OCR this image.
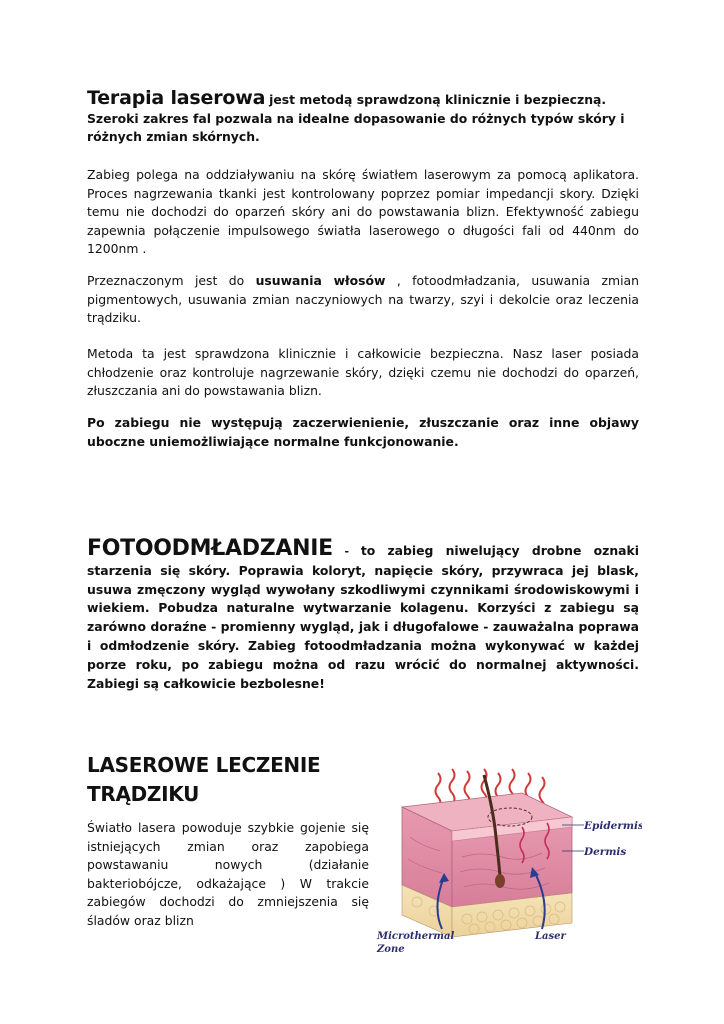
Terapia laserowa jest metodą sprawdzoną klinicznie i bezpieczną.

Szeroki zakres fal pozwala na idealne dopasowanie do różnych typów skóry i różnych zmian skórnych.

Zabieg polega na oddziaływaniu na skórę światłem laserowym za pomocą aplikatora. Proces nagrzewania tkanki jest kontrolowany poprzez pomiar impedancji skory. Dzięki temu nie dochodzi do oparzeń skóry ani do powstawania blizn. Efektywność zabiegu zapewnia połączenie impulsowego światła laserowego o długości fali od 440nm do 1200nm .

Przeznaczonym jest do usuwania włosów , fotoodmładzania, usuwania zmian pigmentowych, usuwania zmian naczyniowych na twarzy, szyi i dekolcie oraz leczenia trądziku.

Metoda ta jest sprawdzona klinicznie i całkowicie bezpieczna. Nasz laser posiada chłodzenie oraz kontroluje nagrzewanie skóry, dzięki czemu nie dochodzi do oparzeń, złuszczania ani do powstawania blizn.

Po zabiegu nie występują zaczerwienienie, złuszczanie oraz inne objawy uboczne uniemożliwiające normalne funkcjonowanie.

FOTOODMŁADZANIE - to zabieg niwelujący drobne oznaki starzenia się skóry. Poprawia koloryt, napięcie skóry, przywraca jej blask, usuwa zmęczony wygląd wywołany szkodliwymi czynnikami środowiskowymi i wiekiem. Pobudza naturalne wytwarzanie kolagenu. Korzyści z zabiegu są zarówno doraźne - promienny wygląd, jak i długofalowe - zauważalna poprawa i odmłodzenie skóry. Zabieg fotoodmładzania można wykonywać w każdej porze roku, po zabiegu można od razu wrócić do normalnej aktywności. Zabiegi są całkowicie bezbolesne!

LASEROWE LECZENIE
TRĄDZIKU

Światło lasera powoduje szybkie gojenie się istniejących zmian oraz zapobiega powstawaniu nowych (działanie bakteriobójcze, odkażające ) W trakcie zabiegów dochodzi do zmniejszenia się śladów oraz blizn

Epidermis
Dermis
Microthermal
Zone
Laser
